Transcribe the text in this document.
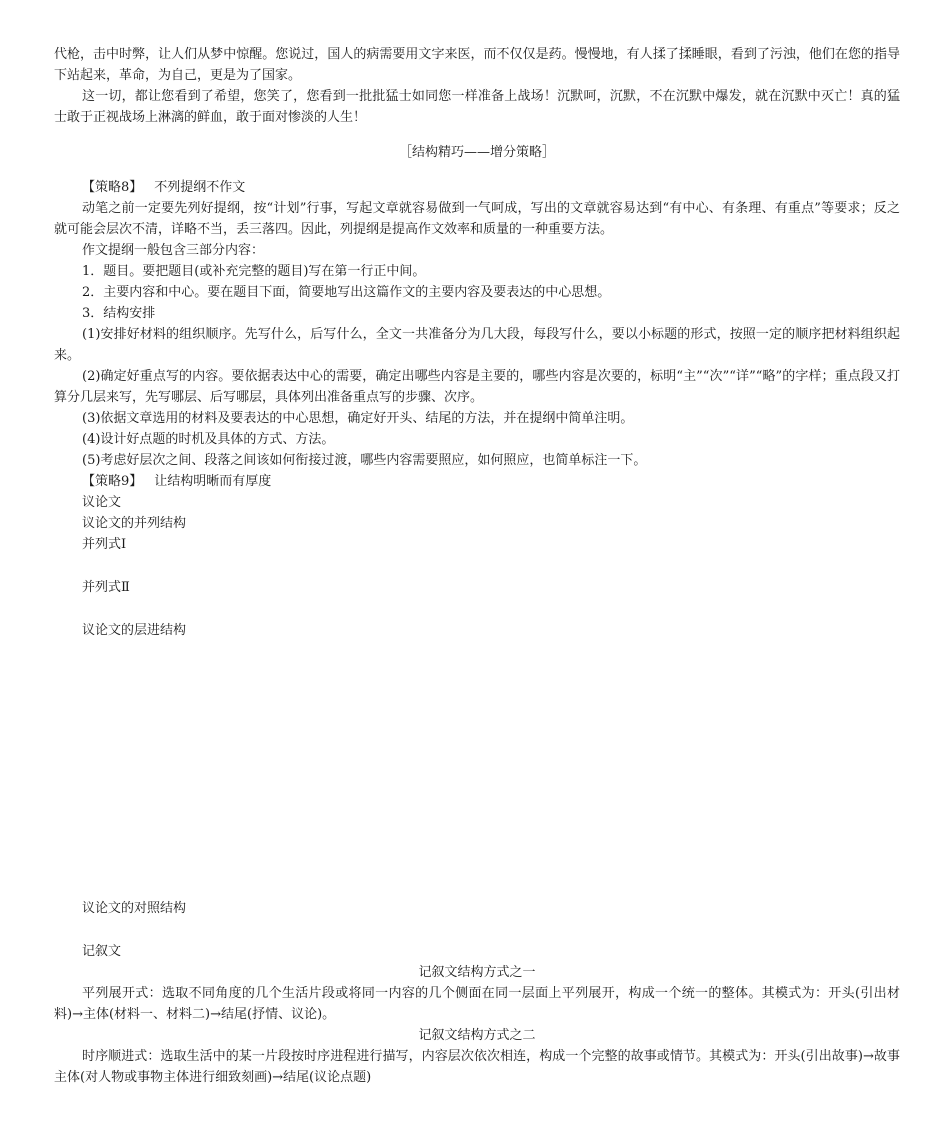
代枪，击中时弊，让人们从梦中惊醒。您说过，国人的病需要用文字来医，而不仅仅是药。慢慢地，有人揉了揉睡眼，看到了污浊，他们在您的指导下站起来，革命，为自己，更是为了国家。

这一切，都让您看到了希望，您笑了，您看到一批批猛士如同您一样准备上战场！沉默呵，沉默，不在沉默中爆发，就在沉默中灭亡！真的猛士敢于正视战场上淋漓的鲜血，敢于面对惨淡的人生！

［结构精巧——增分策略］

【策略8】 不列提纲不作文

动笔之前一定要先列好提纲，按“计划”行事，写起文章就容易做到一气呵成，写出的文章就容易达到“有中心、有条理、有重点”等要求；反之就可能会层次不清，详略不当，丢三落四。因此，列提纲是提高作文效率和质量的一种重要方法。

作文提纲一般包含三部分内容：

1．题目。要把题目(或补充完整的题目)写在第一行正中间。

2．主要内容和中心。要在题目下面，简要地写出这篇作文的主要内容及要表达的中心思想。

3．结构安排

(1)安排好材料的组织顺序。先写什么，后写什么，全文一共准备分为几大段，每段写什么，要以小标题的形式，按照一定的顺序把材料组织起来。

(2)确定好重点写的内容。要依据表达中心的需要，确定出哪些内容是主要的，哪些内容是次要的，标明“主”“次”“详”“略”的字样；重点段又打算分几层来写，先写哪层、后写哪层，具体列出准备重点写的步骤、次序。

(3)依据文章选用的材料及要表达的中心思想，确定好开头、结尾的方法，并在提纲中简单注明。

(4)设计好点题的时机及具体的方式、方法。

(5)考虑好层次之间、段落之间该如何衔接过渡，哪些内容需要照应，如何照应，也简单标注一下。

【策略9】 让结构明晰而有厚度

议论文

议论文的并列结构

并列式Ⅰ

并列式Ⅱ

议论文的层进结构

议论文的对照结构

记叙文

记叙文结构方式之一

平列展开式：选取不同角度的几个生活片段或将同一内容的几个侧面在同一层面上平列展开，构成一个统一的整体。其模式为：开头(引出材料)→主体(材料一、材料二)→结尾(抒情、议论)。

记叙文结构方式之二

时序顺进式：选取生活中的某一片段按时序进程进行描写，内容层次依次相连，构成一个完整的故事或情节。其模式为：开头(引出故事)→故事主体(对人物或事物主体进行细致刻画)→结尾(议论点题)
